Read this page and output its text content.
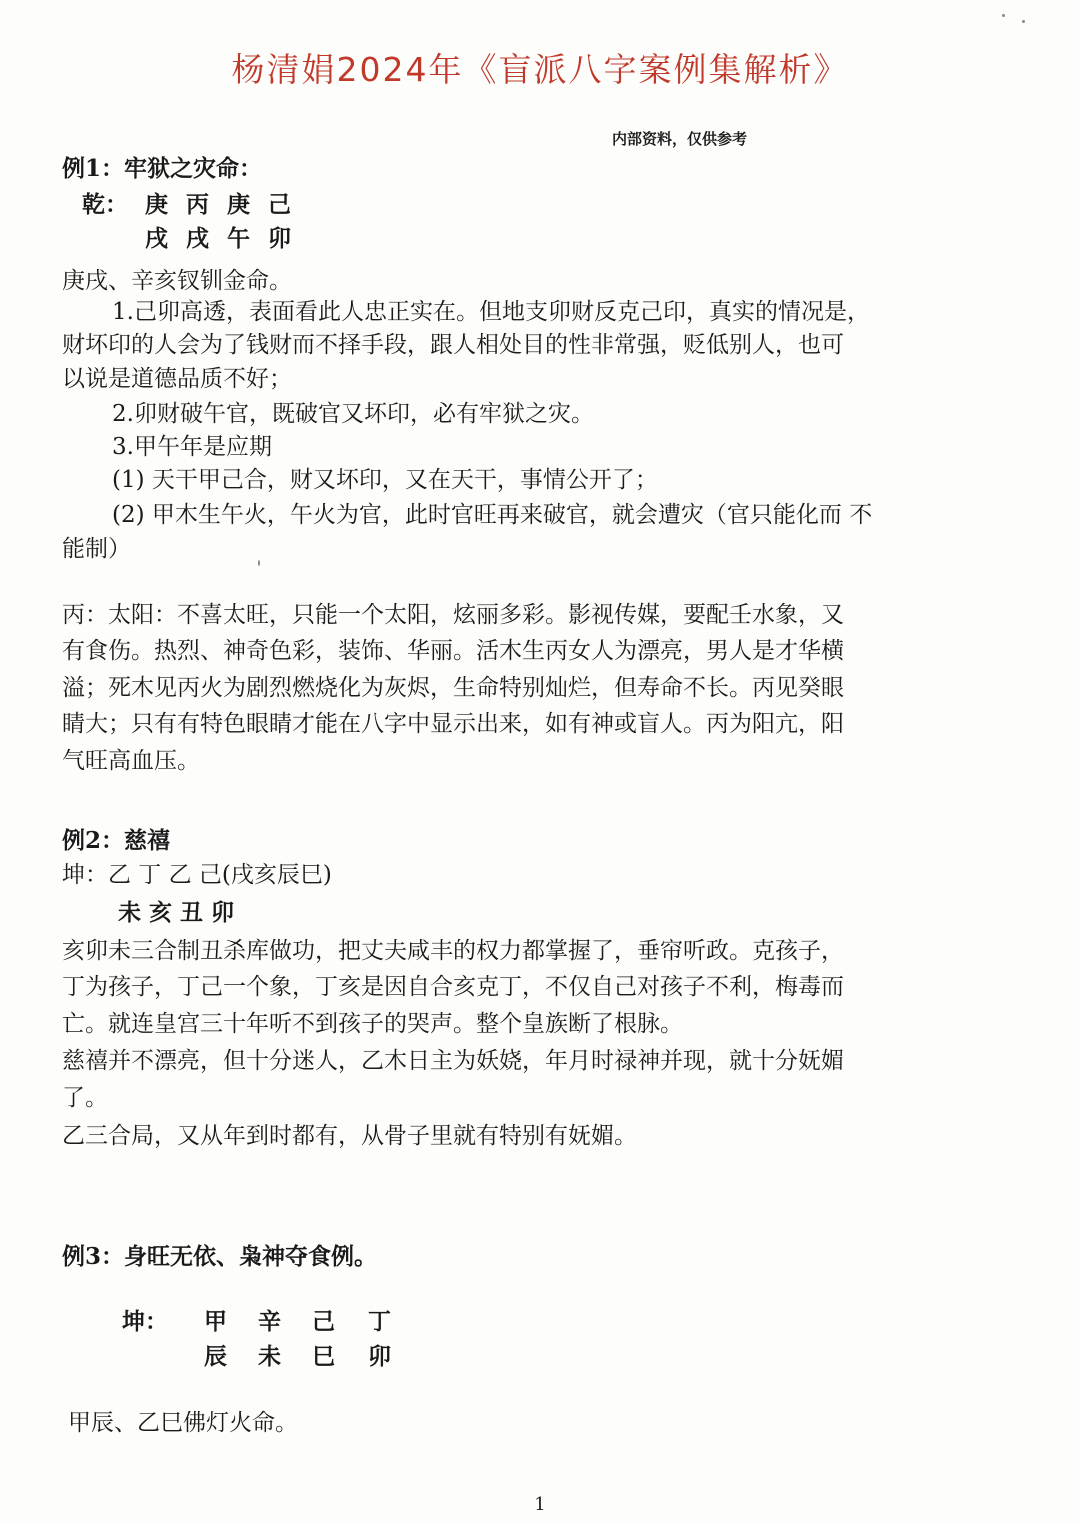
杨清娟2024年《盲派八字案例集解析》
内部资料，仅供参考
例1：牢狱之灾命：
乾： 庚 丙 庚 己
戌 戌 午 卯
庚戌、辛亥钗钏金命。
1.己卯高透，表面看此人忠正实在。但地支卯财反克己印，真实的情况是，
财坏印的人会为了钱财而不择手段，跟人相处目的性非常强，贬低别人，也可
以说是道德品质不好；
2.卯财破午官，既破官又坏印，必有牢狱之灾。
3.甲午年是应期
(1) 天干甲己合，财又坏印，又在天干，事情公开了；
(2) 甲木生午火，午火为官，此时官旺再来破官，就会遭灾（官只能化而 不
能制）
丙：太阳：不喜太旺，只能一个太阳，炫丽多彩。影视传媒，要配壬水象，又
有食伤。热烈、神奇色彩，装饰、华丽。活木生丙女人为漂亮，男人是才华横
溢；死木见丙火为剧烈燃烧化为灰烬，生命特别灿烂，但寿命不长。丙见癸眼
睛大；只有有特色眼睛才能在八字中显示出来，如有神或盲人。丙为阳亢，阳
气旺高血压。
例2：慈禧
坤：乙 丁 乙 己(戌亥辰巳)
未 亥 丑 卯
亥卯未三合制丑杀库做功，把丈夫咸丰的权力都掌握了，垂帘听政。克孩子，
丁为孩子，丁己一个象，丁亥是因自合亥克丁，不仅自己对孩子不利，梅毒而
亡。就连皇宫三十年听不到孩子的哭声。整个皇族断了根脉。
慈禧并不漂亮，但十分迷人，乙木日主为妖娆，年月时禄神并现，就十分妩媚
了。
乙三合局，又从年到时都有，从骨子里就有特别有妩媚。
例3：身旺无依、枭神夺食例。
坤： 甲 辛 己 丁
辰 未 巳 卯
甲辰、乙巳佛灯火命。
1
